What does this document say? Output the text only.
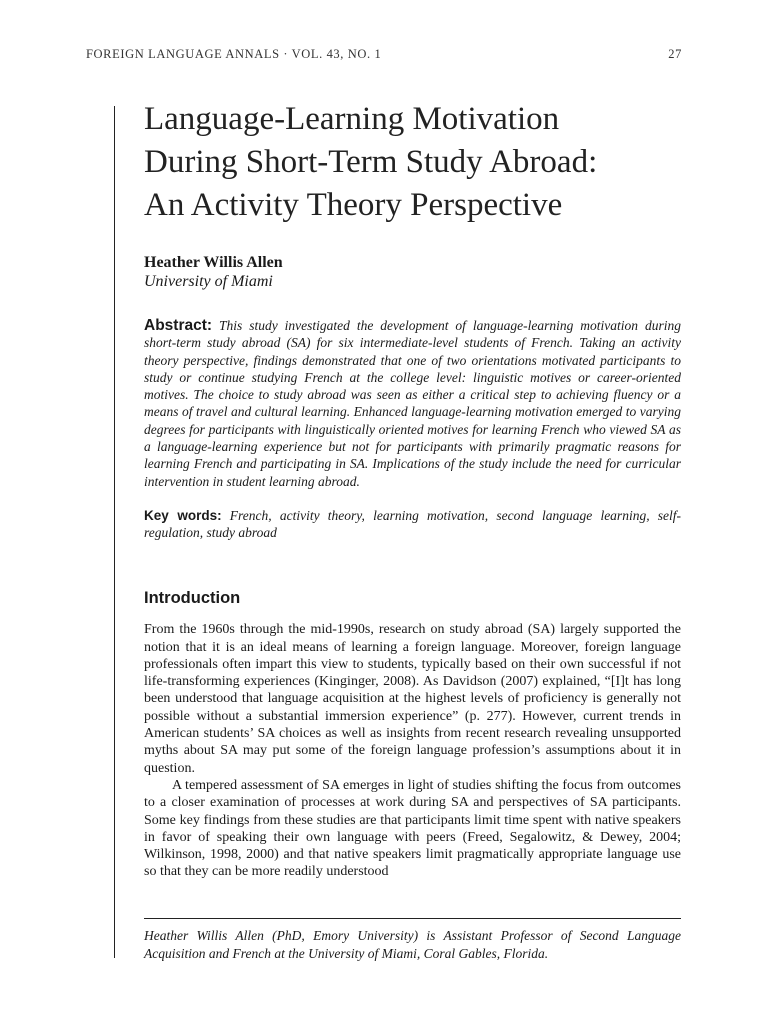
FOREIGN LANGUAGE ANNALS · VOL. 43, NO. 1	27
Language-Learning Motivation
During Short-Term Study Abroad:
An Activity Theory Perspective
Heather Willis Allen
University of Miami

Abstract: This study investigated the development of language-learning motivation during short-term study abroad (SA) for six intermediate-level students of French. Taking an activity theory perspective, findings demonstrated that one of two orientations motivated participants to study or continue studying French at the college level: linguistic motives or career-oriented motives. The choice to study abroad was seen as either a critical step to achieving fluency or a means of travel and cultural learning. Enhanced language-learning motivation emerged to varying degrees for participants with linguistically oriented motives for learning French who viewed SA as a language-learning experience but not for participants with primarily pragmatic reasons for learning French and participating in SA. Implications of the study include the need for curricular intervention in student learning abroad.

Key words: French, activity theory, learning motivation, second language learning, self-regulation, study abroad

Introduction

From the 1960s through the mid-1990s, research on study abroad (SA) largely supported the notion that it is an ideal means of learning a foreign language. Moreover, foreign language professionals often impart this view to students, typically based on their own successful if not life-transforming experiences (Kinginger, 2008). As Davidson (2007) explained, “[I]t has long been understood that language acquisition at the highest levels of proficiency is generally not possible without a substantial immersion experience” (p. 277). However, current trends in American students’ SA choices as well as insights from recent research revealing unsupported myths about SA may put some of the foreign language profession’s assumptions about it in question.

A tempered assessment of SA emerges in light of studies shifting the focus from outcomes to a closer examination of processes at work during SA and perspectives of SA participants. Some key findings from these studies are that participants limit time spent with native speakers in favor of speaking their own language with peers (Freed, Segalowitz, & Dewey, 2004; Wilkinson, 1998, 2000) and that native speakers limit pragmatically appropriate language use so that they can be more readily understood

Heather Willis Allen (PhD, Emory University) is Assistant Professor of Second Language Acquisition and French at the University of Miami, Coral Gables, Florida.
